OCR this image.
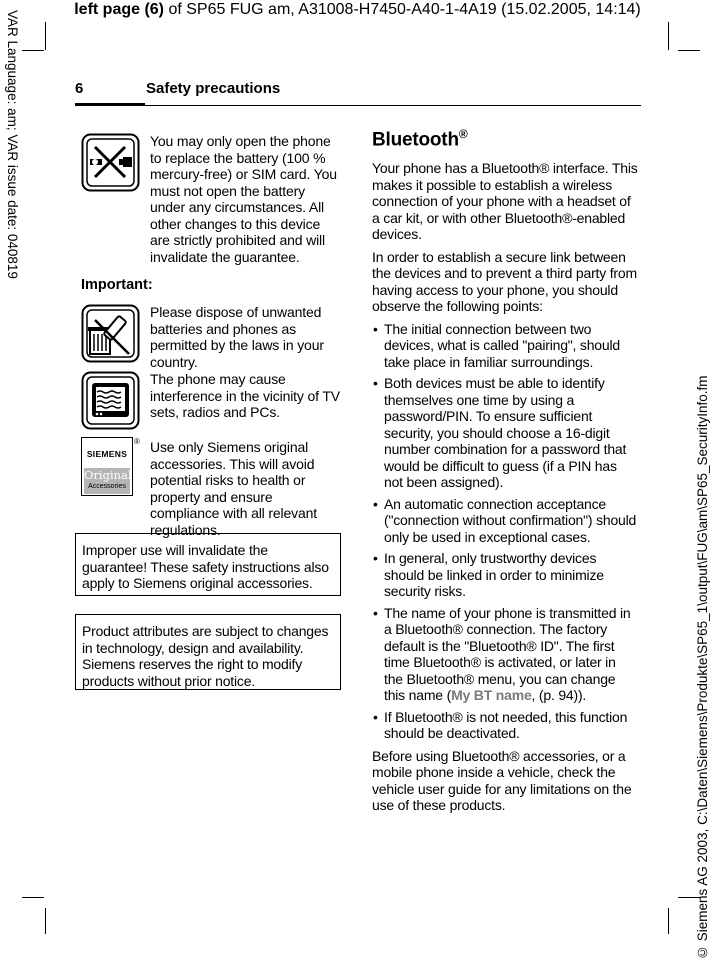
left page (6) of SP65 FUG am, A31008-H7450-A40-1-4A19 (15.02.2005, 14:14)
VAR Language: am; VAR issue date: 040819
© Siemens AG 2003, C:\Daten\Siemens\Produkte\SP65_1\output\FUG\am\SP65_SecurityInfo.fm
6	Safety precautions
You may only open the phone to replace the battery (100 % mercury-free) or SIM card. You must not open the battery under any circumstances. All other changes to this device are strictly prohibited and will invalidate the guarantee.
Important:
Please dispose of unwanted batteries and phones as permitted by the laws in your country.
The phone may cause interference in the vicinity of TV sets, radios and PCs.
SIEMENS
Original
Accessories
® Use only Siemens original accessories. This will avoid potential risks to health or property and ensure compliance with all relevant regulations.
Improper use will invalidate the guarantee! These safety instructions also apply to Siemens original accessories.
Product attributes are subject to changes in technology, design and availability. Siemens reserves the right to modify products without prior notice.
Bluetooth®

Your phone has a Bluetooth® interface. This makes it possible to establish a wireless connection of your phone with a headset of a car kit, or with other Bluetooth®-enabled devices.

In order to establish a secure link between the devices and to prevent a third party from having access to your phone, you should observe the following points:

• The initial connection between two devices, what is called "pairing", should take place in familiar surroundings.
• Both devices must be able to identify themselves one time by using a password/PIN. To ensure sufficient security, you should choose a 16-digit number combination for a password that would be difficult to guess (if a PIN has not been assigned).
• An automatic connection acceptance ("connection without confirmation") should only be used in exceptional cases.
• In general, only trustworthy devices should be linked in order to minimize security risks.
• The name of your phone is transmitted in a Bluetooth® connection. The factory default is the "Bluetooth® ID". The first time Bluetooth® is activated, or later in the Bluetooth® menu, you can change this name (My BT name, (p. 94)).
• If Bluetooth® is not needed, this function should be deactivated.

Before using Bluetooth® accessories, or a mobile phone inside a vehicle, check the vehicle user guide for any limitations on the use of these products.
